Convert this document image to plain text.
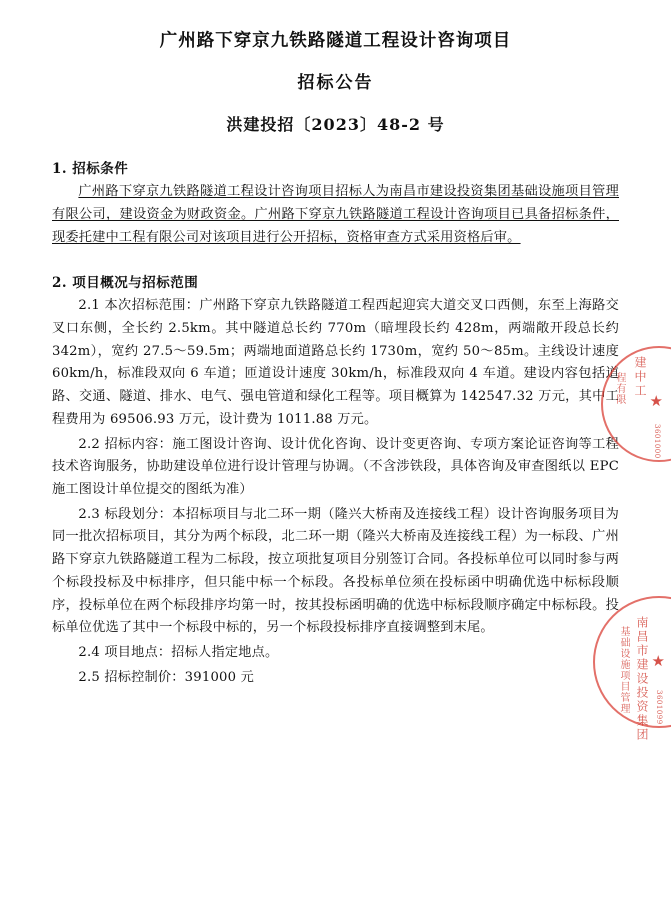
广州路下穿京九铁路隧道工程设计咨询项目
招标公告
洪建投招〔2023〕48-2 号
1. 招标条件

广州路下穿京九铁路隧道工程设计咨询项目招标人为南昌市建设投资集团基础设施项目管理有限公司，建设资金为财政资金。广州路下穿京九铁路隧道工程设计咨询项目已具备招标条件，现委托建中工程有限公司对该项目进行公开招标，资格审查方式采用资格后审。

2. 项目概况与招标范围

2.1 本次招标范围：广州路下穿京九铁路隧道工程西起迎宾大道交叉口西侧，东至上海路交叉口东侧，全长约 2.5km。其中隧道总长约 770m（暗埋段长约 428m，两端敞开段总长约 342m），宽约 27.5～59.5m；两端地面道路总长约 1730m，宽约 50～85m。主线设计速度 60km/h，标准段双向 6 车道；匝道设计速度 30km/h，标准段双向 4 车道。建设内容包括道路、交通、隧道、排水、电气、强电管道和绿化工程等。项目概算为 142547.32 万元，其中工程费用为 69506.93 万元，设计费为 1011.88 万元。

2.2 招标内容：施工图设计咨询、设计优化咨询、设计变更咨询、专项方案论证咨询等工程技术咨询服务，协助建设单位进行设计管理与协调。（不含涉铁段，具体咨询及审查图纸以 EPC 施工图设计单位提交的图纸为准）

2.3 标段划分：本招标项目与北二环一期（隆兴大桥南及连接线工程）设计咨询服务项目为同一批次招标项目，其分为两个标段，北二环一期（隆兴大桥南及连接线工程）为一标段、广州路下穿京九铁路隧道工程为二标段，按立项批复项目分别签订合同。各投标单位可以同时参与两个标段投标及中标排序，但只能中标一个标段。各投标单位须在投标函中明确优选中标标段顺序，投标单位在两个标段排序均第一时，按其投标函明确的优选中标标段顺序确定中标标段。投标单位优选了其中一个标段中标的，另一个标段投标排序直接调整到末尾。

2.4 项目地点：招标人指定地点。

2.5 招标控制价：391000 元

建中工
程有限 ★
3601000
南昌市建设投资集团
基础设施项目管理 ★
3601099
